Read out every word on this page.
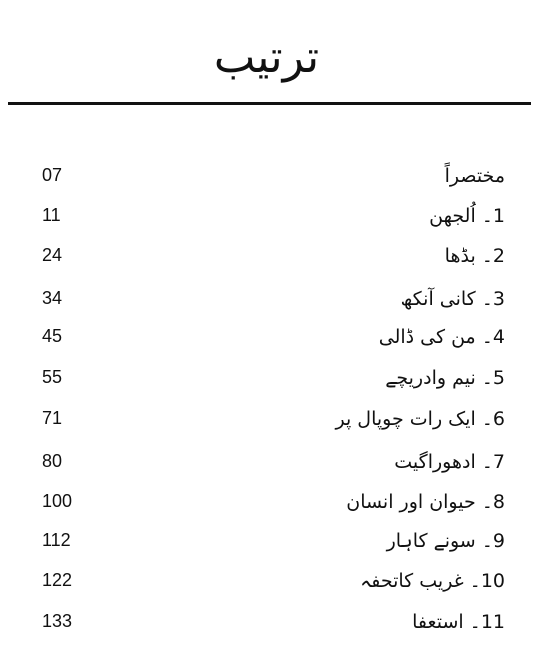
ترتیب
07	مختصراً
11	1۔ اُلجھن
24	2۔ بڈھا
34	3۔ کانی آنکھ
45	4۔ من کی ڈالی
55	5۔ نیم وادریچے
71	6۔ ایک رات چوپال پر
80	7۔ ادھوراگیت
100	8۔ حیوان اور انسان
112	9۔ سونے کاہار
122	10۔ غریب کاتحفہ
133	11۔ استعفا
